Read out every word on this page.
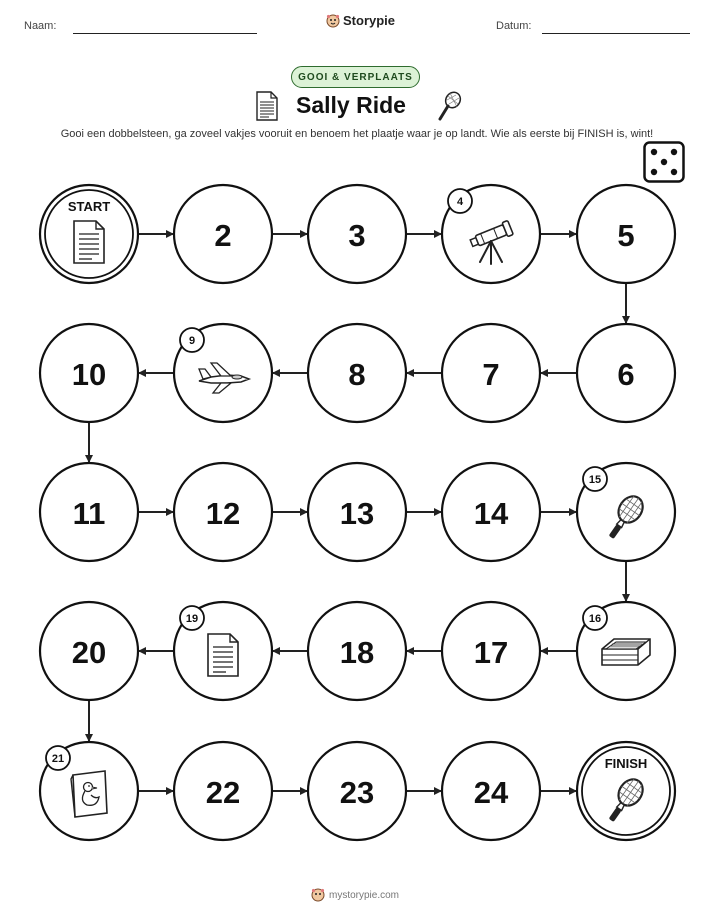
Naam:	Storypie	Datum:
GOOI & VERPLAATS
Sally Ride
Gooi een dobbelsteen, ga zoveel vakjes vooruit en benoem het plaatje waar je op landt. Wie als eerste bij FINISH is, wint!
START
2	3
4
5
6
7
8
9
10
11	12	13	14
15
16
17
18
19
20
21
22	23	24
FINISH
mystorypie.com
